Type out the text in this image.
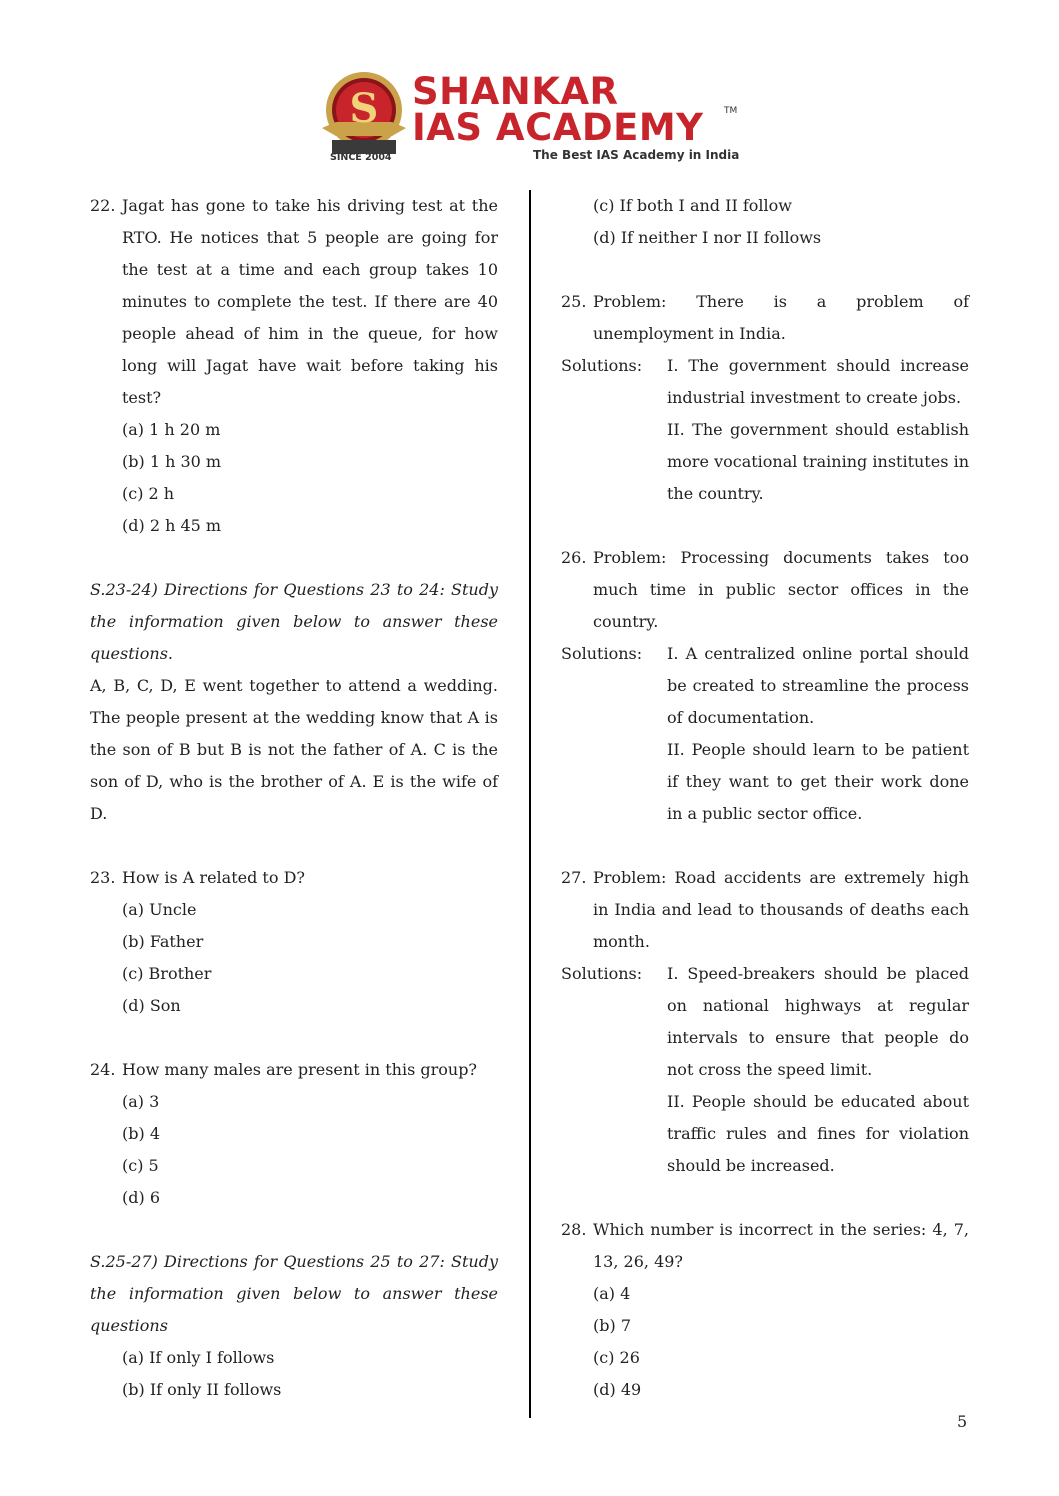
S SHANKAR
IAS ACADEMY TM
SINCE 2004	The Best IAS Academy in India
22. Jagat has gone to take his driving test at the RTO. He notices that 5 people are going for the test at a time and each group takes 10 minutes to complete the test. If there are 40 people ahead of him in the queue, for how long will Jagat have wait before taking his test?
(a) 1 h 20 m
(b) 1 h 30 m
(c) 2 h
(d) 2 h 45 m
S.23-24) Directions for Questions 23 to 24: Study the information given below to answer these questions.
A, B, C, D, E went together to attend a wedding. The people present at the wedding know that A is the son of B but B is not the father of A. C is the son of D, who is the brother of A. E is the wife of D.
23. How is A related to D?
(a) Uncle
(b) Father
(c) Brother
(d) Son
24. How many males are present in this group?
(a) 3
(b) 4
(c) 5
(d) 6
S.25-27) Directions for Questions 25 to 27: Study the information given below to answer these questions
(a) If only I follows
(b) If only II follows
(c) If both I and II follow
(d) If neither I nor II follows
25. Problem: There is a problem of unemployment in India.
Solutions:	I. The government should increase industrial investment to create jobs.
II. The government should establish more vocational training institutes in the country.
26. Problem: Processing documents takes too much time in public sector offices in the country.
Solutions:	I. A centralized online portal should be created to streamline the process of documentation.
II. People should learn to be patient if they want to get their work done in a public sector office.
27. Problem: Road accidents are extremely high in India and lead to thousands of deaths each month.
Solutions:	I. Speed-breakers should be placed on national highways at regular intervals to ensure that people do not cross the speed limit.
II. People should be educated about traffic rules and fines for violation should be increased.
28. Which number is incorrect in the series: 4, 7, 13, 26, 49?
(a) 4
(b) 7
(c) 26
(d) 49
5
